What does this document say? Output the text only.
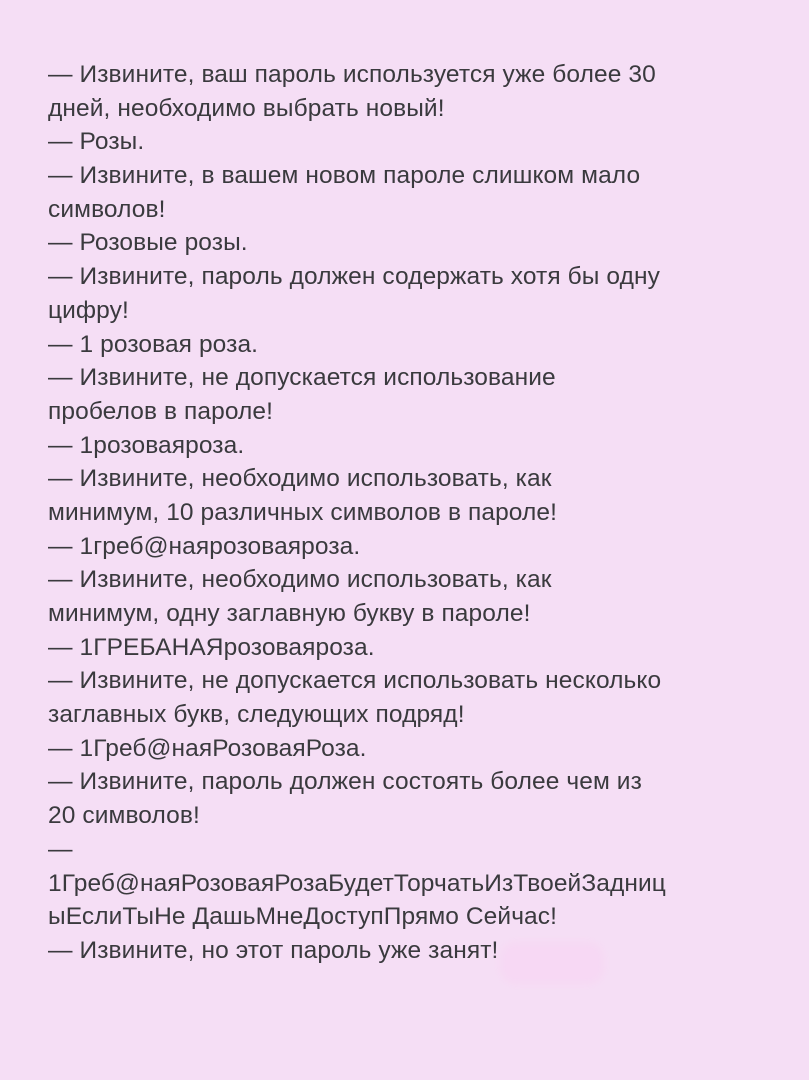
— Извините, ваш пароль используется уже более 30
дней, необходимо выбрать новый!
— Розы.
— Извините, в вашем новом пароле слишком мало
символов!
— Розовые розы.
— Извините, пароль должен содержать хотя бы одну
цифру!
— 1 розовая роза.
— Извините, не допускается использование
пробелов в пароле!
— 1розоваяроза.
— Извините, необходимо использовать, как
минимум, 10 различных символов в пароле!
— 1греб@наярозоваяроза.
— Извините, необходимо использовать, как
минимум, одну заглавную букву в пароле!
— 1ГРЕБАНАЯрозоваяроза.
— Извините, не допускается использовать несколько
заглавных букв, следующих подряд!
— 1Греб@наяРозоваяРоза.
— Извините, пароль должен состоять более чем из
20 символов!
—
1Греб@наяРозоваяРозаБудетТорчатьИзТвоейЗадниц
ыЕслиТыНе ДашьМнеДоступПрямо Сейчас!
— Извините, но этот пароль уже занят!
